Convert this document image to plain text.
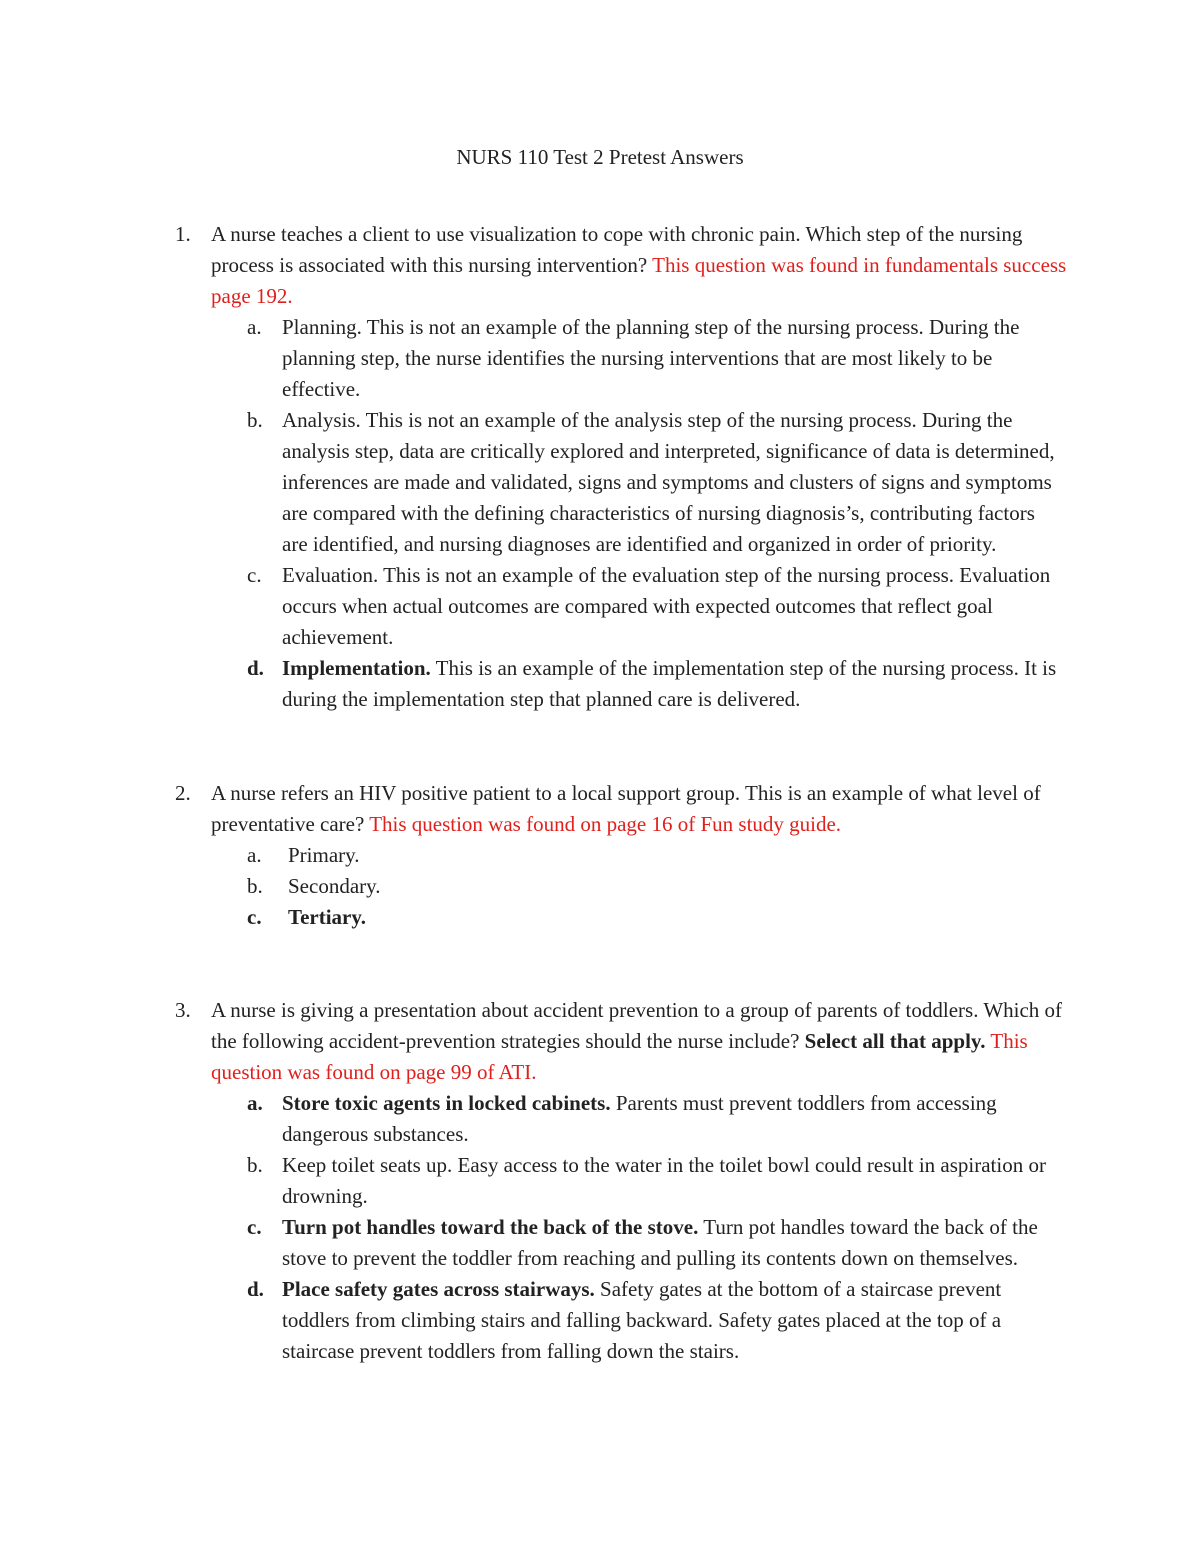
NURS 110 Test 2 Pretest Answers
1. A nurse teaches a client to use visualization to cope with chronic pain. Which step of the nursing process is associated with this nursing intervention? This question was found in fundamentals success page 192.

a. Planning. This is not an example of the planning step of the nursing process. During the planning step, the nurse identifies the nursing interventions that are most likely to be effective.
b. Analysis. This is not an example of the analysis step of the nursing process. During the analysis step, data are critically explored and interpreted, significance of data is determined, inferences are made and validated, signs and symptoms and clusters of signs and symptoms are compared with the defining characteristics of nursing diagnosis’s, contributing factors are identified, and nursing diagnoses are identified and organized in order of priority.
c. Evaluation. This is not an example of the evaluation step of the nursing process. Evaluation occurs when actual outcomes are compared with expected outcomes that reflect goal achievement.
d. Implementation. This is an example of the implementation step of the nursing process. It is during the implementation step that planned care is delivered.
2. A nurse refers an HIV positive patient to a local support group. This is an example of what level of preventative care? This question was found on page 16 of Fun study guide.

a. Primary.
b. Secondary.
c. Tertiary.
3. A nurse is giving a presentation about accident prevention to a group of parents of toddlers. Which of the following accident-prevention strategies should the nurse include? Select all that apply. This question was found on page 99 of ATI.

a. Store toxic agents in locked cabinets. Parents must prevent toddlers from accessing dangerous substances.
b. Keep toilet seats up. Easy access to the water in the toilet bowl could result in aspiration or drowning.
c. Turn pot handles toward the back of the stove. Turn pot handles toward the back of the stove to prevent the toddler from reaching and pulling its contents down on themselves.
d. Place safety gates across stairways. Safety gates at the bottom of a staircase prevent toddlers from climbing stairs and falling backward. Safety gates placed at the top of a staircase prevent toddlers from falling down the stairs.
